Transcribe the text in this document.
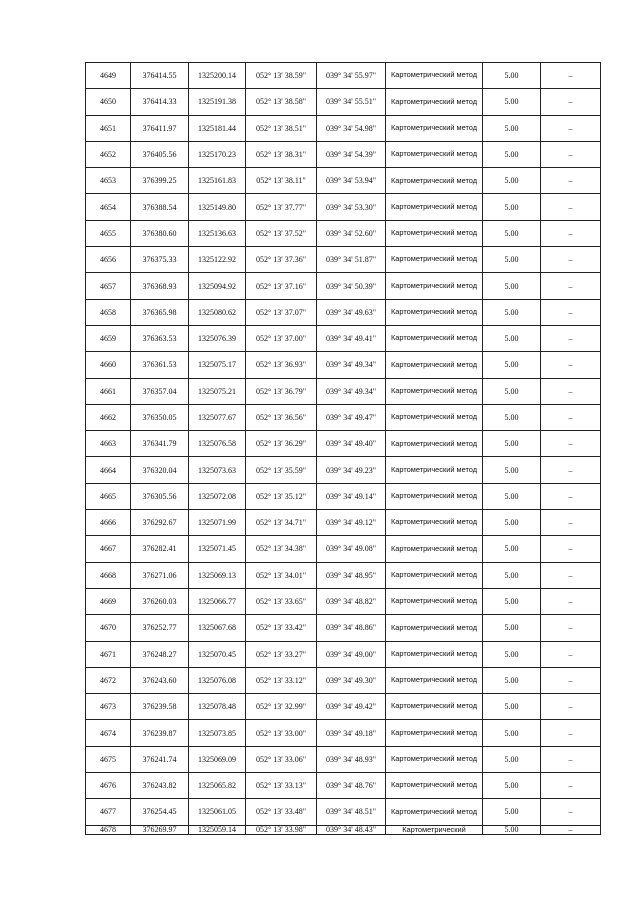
4649	376414.55	1325200.14	052° 13' 38.59"	039° 34' 55.97"	Картометрический метод	5.00	–
4650	376414.33	1325191.38	052° 13' 38.58"	039° 34' 55.51"	Картометрический метод	5.00	–
4651	376411.97	1325181.44	052° 13' 38.51"	039° 34' 54.98"	Картометрический метод	5.00	–
4652	376405.56	1325170.23	052° 13' 38.31"	039° 34' 54.39"	Картометрический метод	5.00	–
4653	376399.25	1325161.83	052° 13' 38.11"	039° 34' 53.94"	Картометрический метод	5.00	–
4654	376388.54	1325149.80	052° 13' 37.77"	039° 34' 53.30"	Картометрический метод	5.00	–
4655	376380.60	1325136.63	052° 13' 37.52"	039° 34' 52.60"	Картометрический метод	5.00	–
4656	376375.33	1325122.92	052° 13' 37.36"	039° 34' 51.87"	Картометрический метод	5.00	–
4657	376368.93	1325094.92	052° 13' 37.16"	039° 34' 50.39"	Картометрический метод	5.00	–
4658	376365.98	1325080.62	052° 13' 37.07"	039° 34' 49.63"	Картометрический метод	5.00	–
4659	376363.53	1325076.39	052° 13' 37.00"	039° 34' 49.41"	Картометрический метод	5.00	–
4660	376361.53	1325075.17	052° 13' 36.93"	039° 34' 49.34"	Картометрический метод	5.00	–
4661	376357.04	1325075.21	052° 13' 36.79"	039° 34' 49.34"	Картометрический метод	5.00	–
4662	376350.05	1325077.67	052° 13' 36.56"	039° 34' 49.47"	Картометрический метод	5.00	–
4663	376341.79	1325076.58	052° 13' 36.29"	039° 34' 49.40"	Картометрический метод	5.00	–
4664	376320.04	1325073.63	052° 13' 35.59"	039° 34' 49.23"	Картометрический метод	5.00	–
4665	376305.56	1325072.08	052° 13' 35.12"	039° 34' 49.14"	Картометрический метод	5.00	–
4666	376292.67	1325071.99	052° 13' 34.71"	039° 34' 49.12"	Картометрический метод	5.00	–
4667	376282.41	1325071.45	052° 13' 34.38"	039° 34' 49.08"	Картометрический метод	5.00	–
4668	376271.06	1325069.13	052° 13' 34.01"	039° 34' 48.95"	Картометрический метод	5.00	–
4669	376260.03	1325066.77	052° 13' 33.65"	039° 34' 48.82"	Картометрический метод	5.00	–
4670	376252.77	1325067.68	052° 13' 33.42"	039° 34' 48.86"	Картометрический метод	5.00	–
4671	376248.27	1325070.45	052° 13' 33.27"	039° 34' 49.00"	Картометрический метод	5.00	–
4672	376243.60	1325076.08	052° 13' 33.12"	039° 34' 49.30"	Картометрический метод	5.00	–
4673	376239.58	1325078.48	052° 13' 32.99"	039° 34' 49.42"	Картометрический метод	5.00	–
4674	376239.87	1325073.85	052° 13' 33.00"	039° 34' 49.18"	Картометрический метод	5.00	–
4675	376241.74	1325069.09	052° 13' 33.06"	039° 34' 48.93"	Картометрический метод	5.00	–
4676	376243.82	1325065.82	052° 13' 33.13"	039° 34' 48.76"	Картометрический метод	5.00	–
4677	376254.45	1325061.05	052° 13' 33.48"	039° 34' 48.51"	Картометрический метод	5.00	–
4678	376269.97	1325059.14	052° 13' 33.98"	039° 34' 48.43"	Картометрический	5.00	–
